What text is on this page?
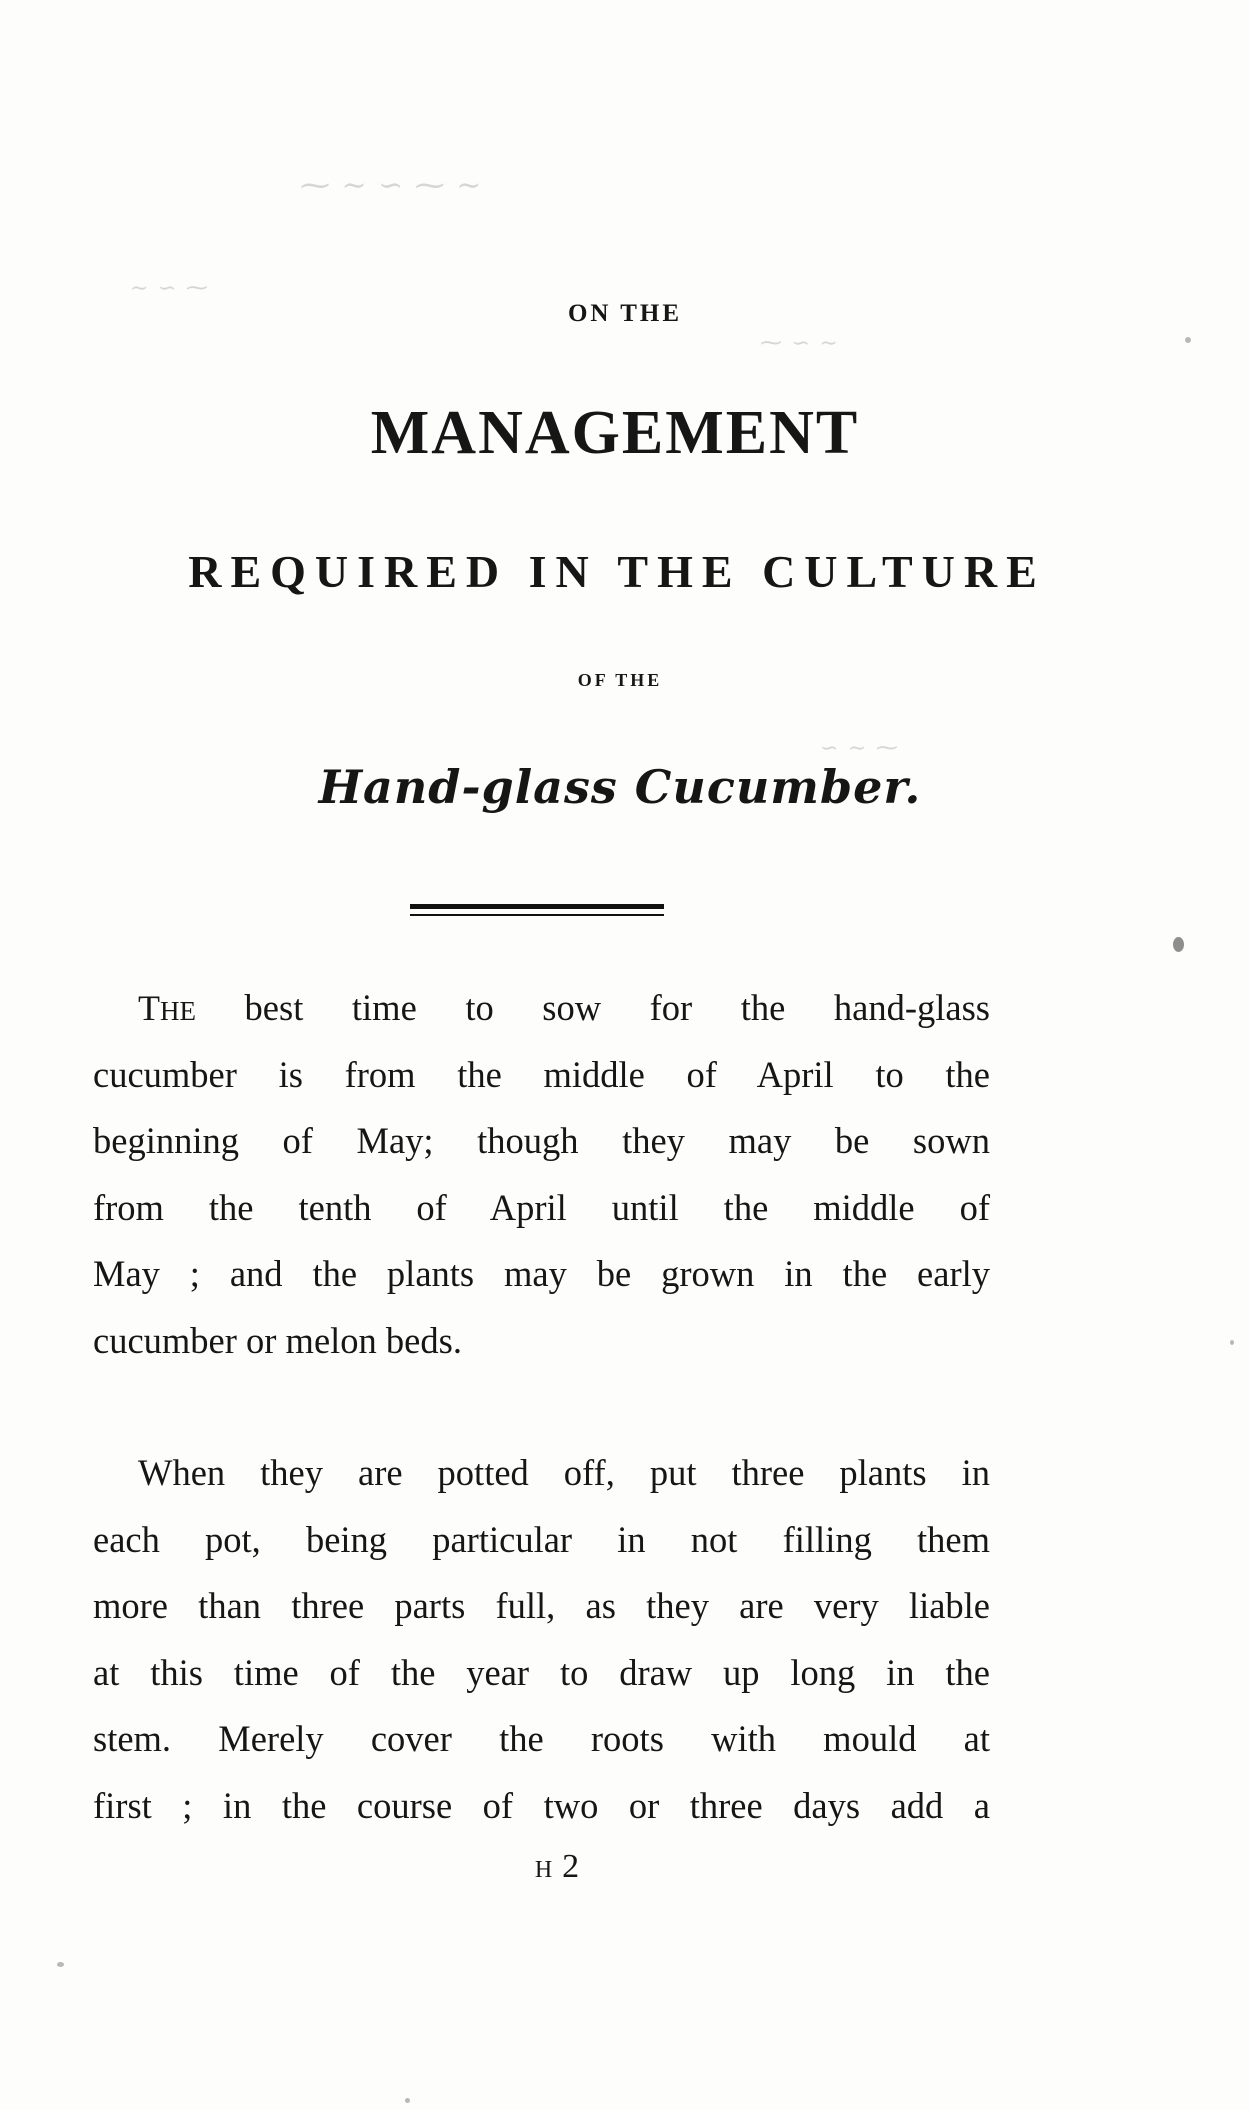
⁓ ∼ ∽ ⁓ ∼
∼ ∽ ⁓
⁓ ∽ ∼
∽ ∼ ⁓
ON THE
MANAGEMENT
REQUIRED IN THE CULTURE
OF THE
Hand-glass Cucumber.
THE best time to sow for the hand-glass
cucumber is from the middle of April to the
beginning of May; though they may be sown
from the tenth of April until the middle of
May ; and the plants may be grown in the early
cucumber or melon beds.
When they are potted off, put three plants in
each pot, being particular in not filling them
more than three parts full, as they are very liable
at this time of the year to draw up long in the
stem. Merely cover the roots with mould at
first ; in the course of two or three days add a
H 2
